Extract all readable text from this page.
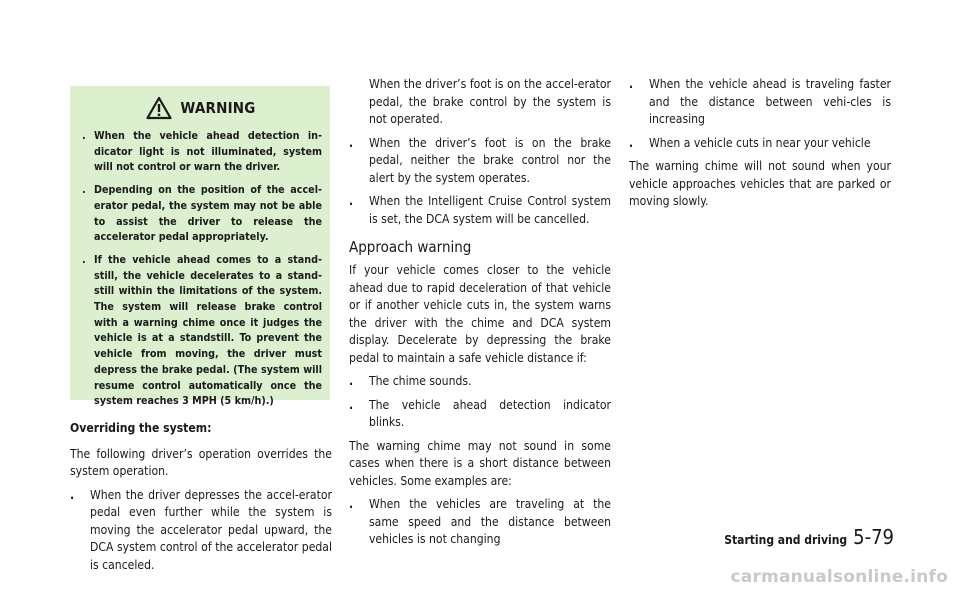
WARNING
. When the vehicle ahead detection in-dicator light is not illuminated, system will not control or warn the driver.
. Depending on the position of the accel-erator pedal, the system may not be able to assist the driver to release the accelerator pedal appropriately.
. If the vehicle ahead comes to a stand-still, the vehicle decelerates to a stand-still within the limitations of the system. The system will release brake control with a warning chime once it judges the vehicle is at a standstill. To prevent the vehicle from moving, the driver must depress the brake pedal. (The system will resume control automatically once the system reaches 3 MPH (5 km/h).)

Overriding the system:

The following driver’s operation overrides the system operation.

. When the driver depresses the accel-erator pedal even further while the system is moving the accelerator pedal upward, the DCA system control of the accelerator pedal is canceled.
When the driver’s foot is on the accel-erator pedal, the brake control by the system is not operated.
. When the driver’s foot is on the brake pedal, neither the brake control nor the alert by the system operates.
. When the Intelligent Cruise Control system is set, the DCA system will be cancelled.
Approach warning

If your vehicle comes closer to the vehicle ahead due to rapid deceleration of that vehicle or if another vehicle cuts in, the system warns the driver with the chime and DCA system display. Decelerate by depressing the brake pedal to maintain a safe vehicle distance if:

. The chime sounds.
. The vehicle ahead detection indicator blinks.

The warning chime may not sound in some cases when there is a short distance between vehicles. Some examples are:

. When the vehicles are traveling at the same speed and the distance between vehicles is not changing
. When the vehicle ahead is traveling faster and the distance between vehi-cles is increasing
. When a vehicle cuts in near your vehicle

The warning chime will not sound when your vehicle approaches vehicles that are parked or moving slowly.

Starting and driving 5-79
carmanualsonline.info
